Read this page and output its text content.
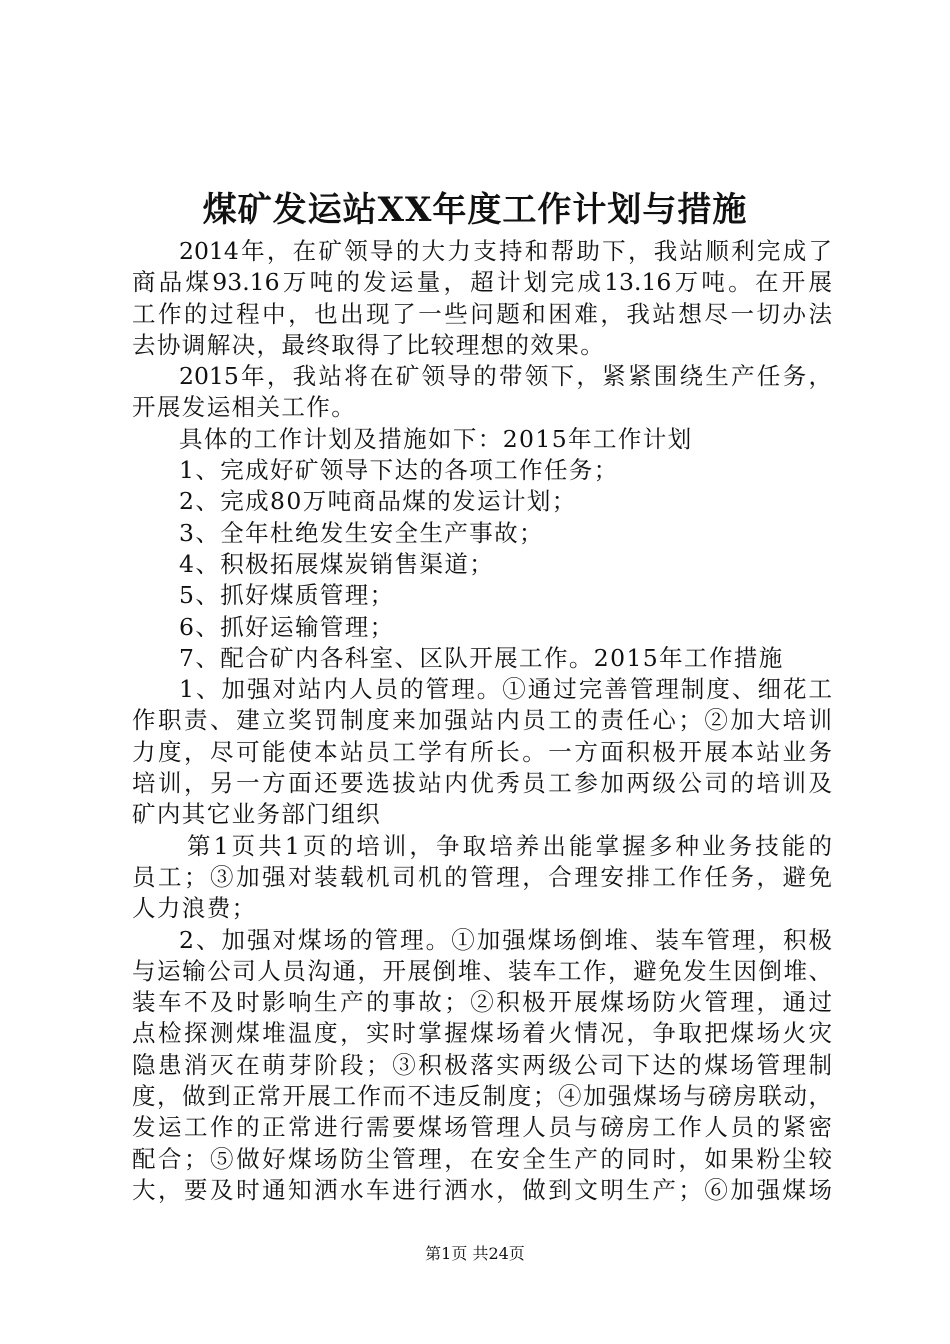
煤矿发运站XX年度工作计划与措施
2014年，在矿领导的大力支持和帮助下，我站顺利完成了
商品煤93.16万吨的发运量，超计划完成13.16万吨。在开展
工作的过程中，也出现了一些问题和困难，我站想尽一切办法
去协调解决，最终取得了比较理想的效果。
2015年，我站将在矿领导的带领下，紧紧围绕生产任务，
开展发运相关工作。
具体的工作计划及措施如下：2015年工作计划
1、完成好矿领导下达的各项工作任务；
2、完成80万吨商品煤的发运计划；
3、全年杜绝发生安全生产事故；
4、积极拓展煤炭销售渠道；
5、抓好煤质管理；
6、抓好运输管理；
7、配合矿内各科室、区队开展工作。2015年工作措施
1、加强对站内人员的管理。①通过完善管理制度、细花工
作职责、建立奖罚制度来加强站内员工的责任心；②加大培训
力度，尽可能使本站员工学有所长。一方面积极开展本站业务
培训，另一方面还要选拔站内优秀员工参加两级公司的培训及
矿内其它业务部门组织
第1页共1页的培训，争取培养出能掌握多种业务技能的
员工；③加强对装载机司机的管理，合理安排工作任务，避免
人力浪费；
2、加强对煤场的管理。①加强煤场倒堆、装车管理，积极
与运输公司人员沟通，开展倒堆、装车工作，避免发生因倒堆、
装车不及时影响生产的事故；②积极开展煤场防火管理，通过
点检探测煤堆温度，实时掌握煤场着火情况，争取把煤场火灾
隐患消灭在萌芽阶段；③积极落实两级公司下达的煤场管理制
度，做到正常开展工作而不违反制度；④加强煤场与磅房联动，
发运工作的正常进行需要煤场管理人员与磅房工作人员的紧密
配合；⑤做好煤场防尘管理，在安全生产的同时，如果粉尘较
大，要及时通知洒水车进行洒水，做到文明生产；⑥加强煤场
第1页 共24页
